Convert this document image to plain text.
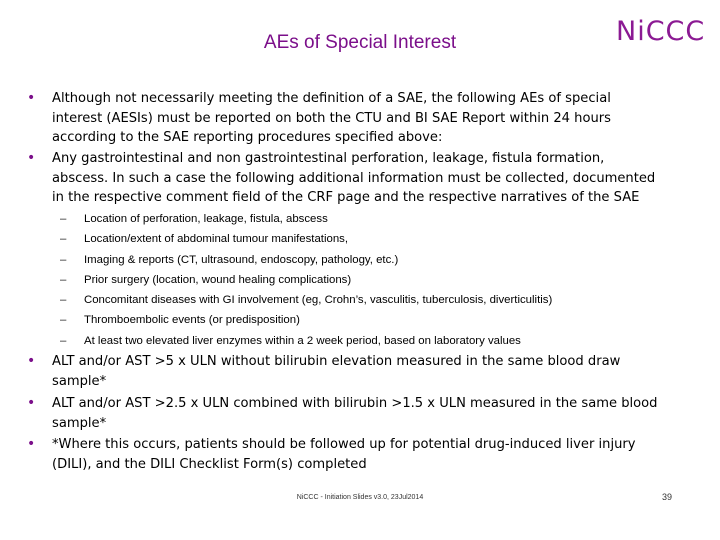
AEs of Special Interest	NiCCC
• Although not necessarily meeting the definition of a SAE, the following AEs of special interest (AESIs) must be reported on both the CTU and BI SAE Report within 24 hours according to the SAE reporting procedures specified above:
• Any gastrointestinal and non gastrointestinal perforation, leakage, fistula formation, abscess. In such a case the following additional information must be collected, documented in the respective comment field of the CRF page and the respective narratives of the SAE
– Location of perforation, leakage, fistula, abscess
– Location/extent of abdominal tumour manifestations,
– Imaging & reports (CT, ultrasound, endoscopy, pathology, etc.)
– Prior surgery (location, wound healing complications)
– Concomitant diseases with GI involvement (eg, Crohn’s, vasculitis, tuberculosis, diverticulitis)
– Thromboembolic events (or predisposition)
– At least two elevated liver enzymes within a 2 week period, based on laboratory values
• ALT and/or AST >5 x ULN without bilirubin elevation measured in the same blood draw sample*
• ALT and/or AST >2.5 x ULN combined with bilirubin >1.5 x ULN measured in the same blood sample*
• *Where this occurs, patients should be followed up for potential drug-induced liver injury (DILI), and the DILI Checklist Form(s) completed
NiCCC - Initiation Slides v3.0, 23Jul2014	39
